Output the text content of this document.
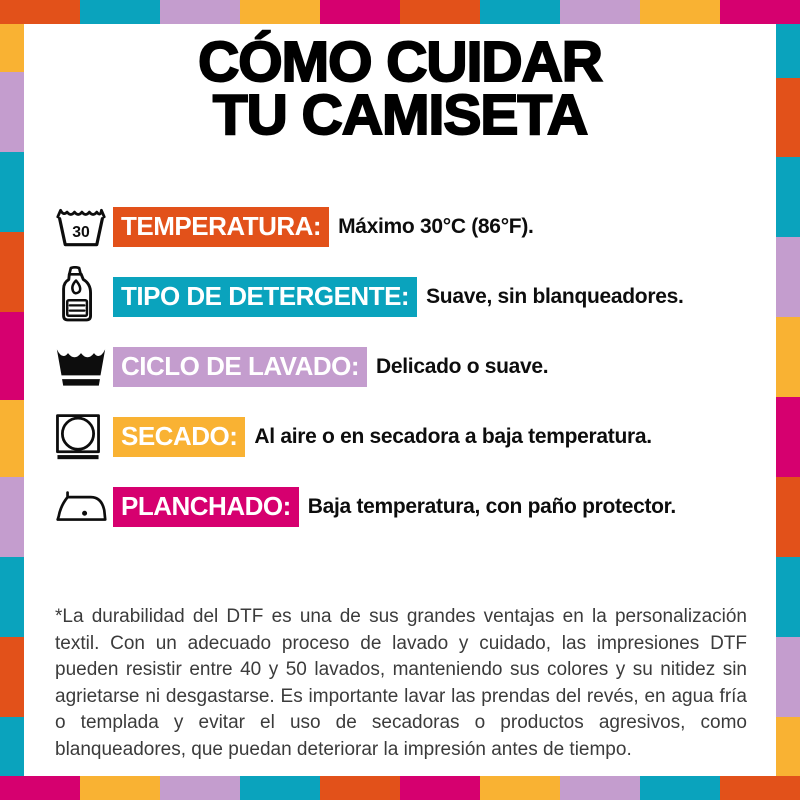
CÓMO CUIDAR
TU CAMISETA
30	TEMPERATURA: Máximo 30°C (86°F).
TIPO DE DETERGENTE: Suave, sin blanqueadores.
CICLO DE LAVADO: Delicado o suave.
SECADO: Al aire o en secadora a baja temperatura.
PLANCHADO: Baja temperatura, con paño protector.

*La durabilidad del DTF es una de sus grandes ventajas en la personalización textil. Con un adecuado proceso de lavado y cuidado, las impresiones DTF pueden resistir entre 40 y 50 lavados, manteniendo sus colores y su nitidez sin agrietarse ni desgastarse. Es importante lavar las prendas del revés, en agua fría o templada y evitar el uso de secadoras o productos agresivos, como blanqueadores, que puedan deteriorar la impresión antes de tiempo.
